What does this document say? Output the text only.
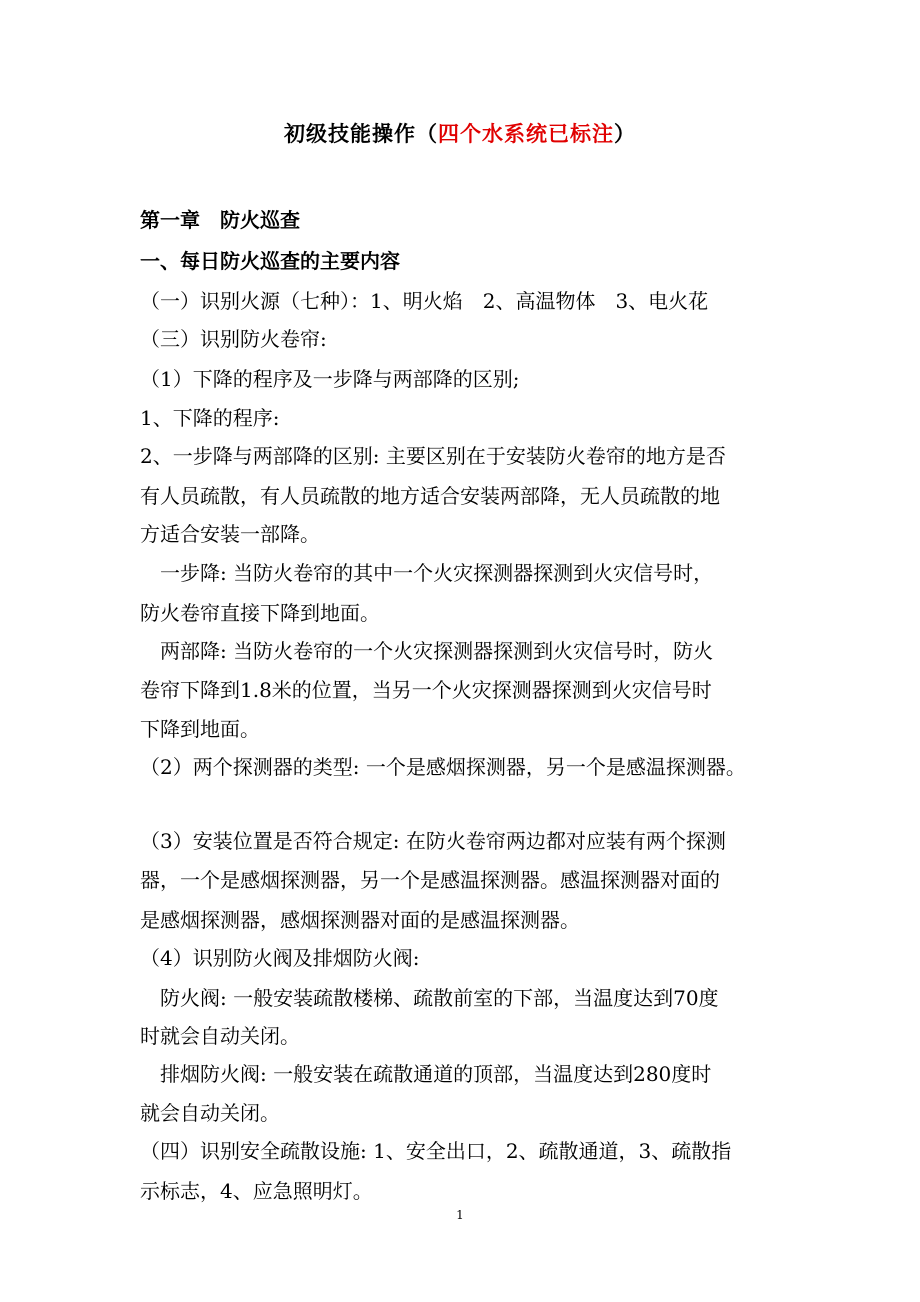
初级技能操作（四个水系统已标注）
第一章　防火巡查
一、每日防火巡查的主要内容
（一）识别火源（七种）：1、明火焰　2、高温物体　3、电火花
（三）识别防火卷帘:
（1）下降的程序及一步降与两部降的区别;
1、下降的程序:
2、一步降与两部降的区别: 主要区别在于安装防火卷帘的地方是否
有人员疏散，有人员疏散的地方适合安装两部降，无人员疏散的地
方适合安装一部降。
　一步降: 当防火卷帘的其中一个火灾探测器探测到火灾信号时，
防火卷帘直接下降到地面。
　两部降: 当防火卷帘的一个火灾探测器探测到火灾信号时，防火
卷帘下降到1.8米的位置，当另一个火灾探测器探测到火灾信号时
下降到地面。
（2）两个探测器的类型: 一个是感烟探测器，另一个是感温探测器。
（3）安装位置是否符合规定: 在防火卷帘两边都对应装有两个探测
器，一个是感烟探测器，另一个是感温探测器。感温探测器对面的
是感烟探测器，感烟探测器对面的是感温探测器。
（4）识别防火阀及排烟防火阀:
　防火阀: 一般安装疏散楼梯、疏散前室的下部，当温度达到70度
时就会自动关闭。
　排烟防火阀: 一般安装在疏散通道的顶部，当温度达到280度时
就会自动关闭。
（四）识别安全疏散设施: 1、安全出口，2、疏散通道，3、疏散指
示标志，4、应急照明灯。
1
